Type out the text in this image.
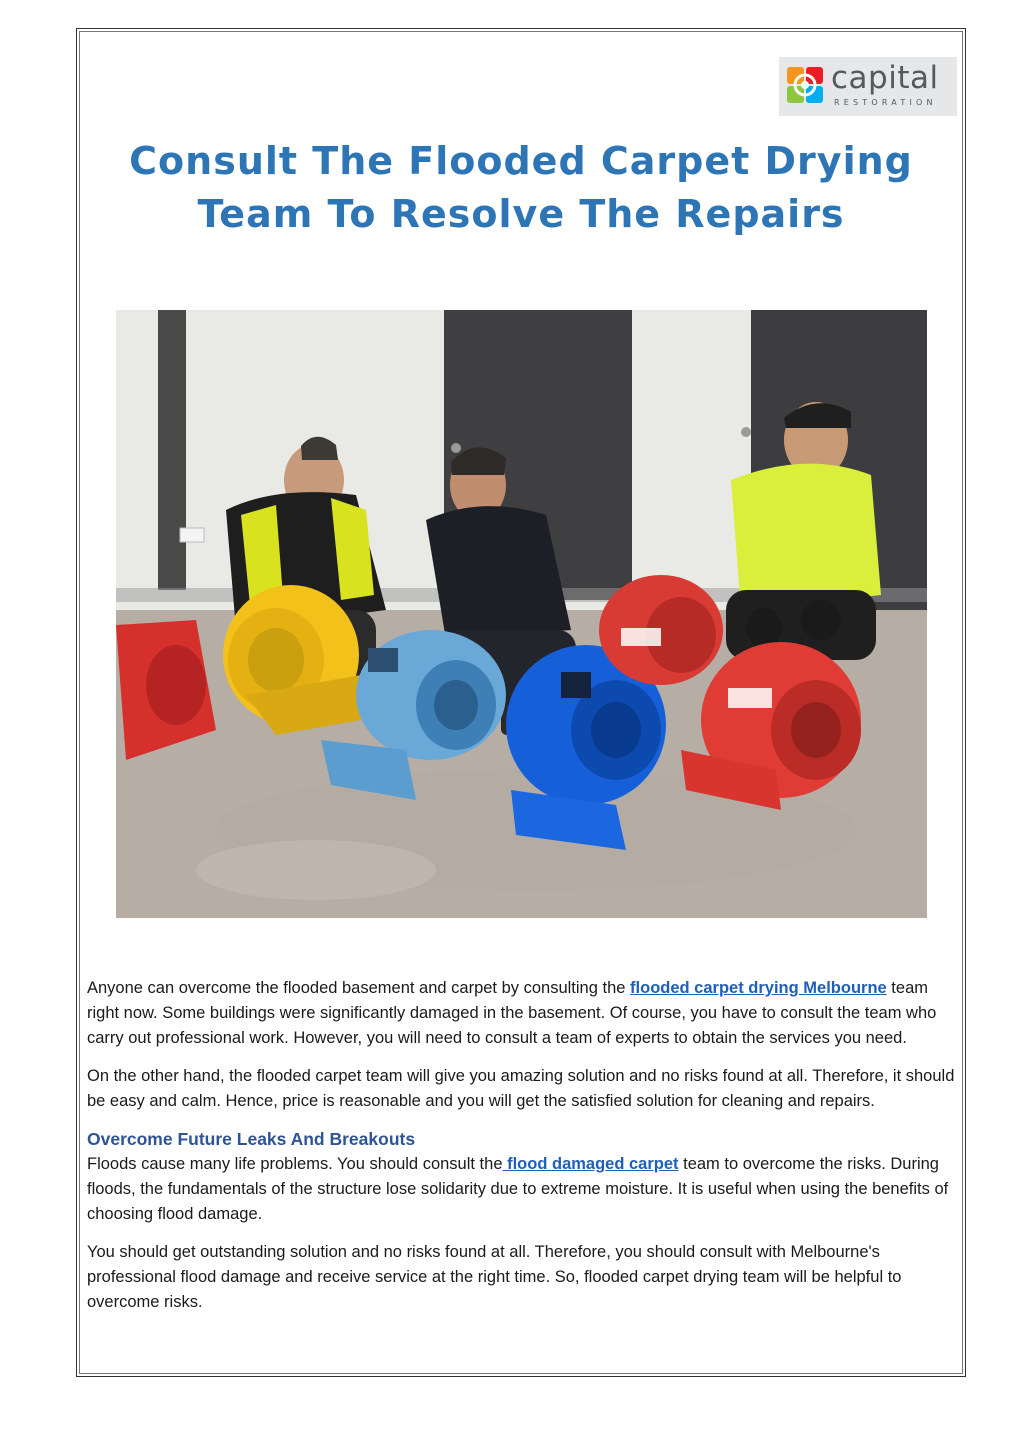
capital
RESTORATION
Consult The Flooded Carpet Drying
Team To Resolve The Repairs

Anyone can overcome the flooded basement and carpet by consulting the flooded carpet drying Melbourne team right now. Some buildings were significantly damaged in the basement. Of course, you have to consult the team who carry out professional work. However, you will need to consult a team of experts to obtain the services you need.

On the other hand, the flooded carpet team will give you amazing solution and no risks found at all. Therefore, it should be easy and calm. Hence, price is reasonable and you will get the satisfied solution for cleaning and repairs.

Overcome Future Leaks And Breakouts

Floods cause many life problems. You should consult the flood damaged carpet team to overcome the risks. During floods, the fundamentals of the structure lose solidarity due to extreme moisture. It is useful when using the benefits of choosing flood damage.

You should get outstanding solution and no risks found at all. Therefore, you should consult with Melbourne's professional flood damage and receive service at the right time. So, flooded carpet drying team will be helpful to overcome risks.
